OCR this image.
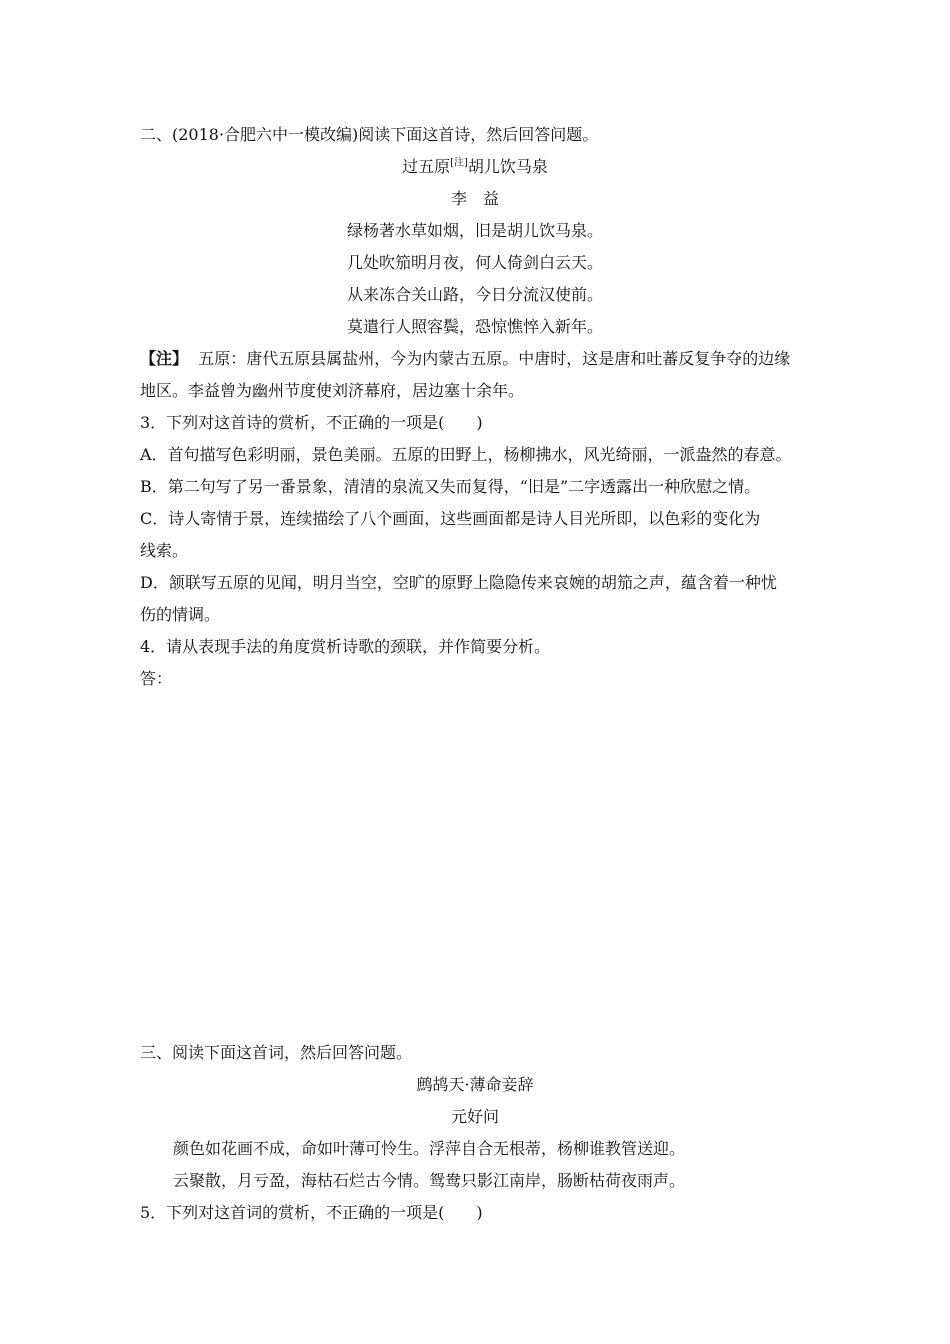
二、(2018·合肥六中一模改编)阅读下面这首诗，然后回答问题。
过五原[注]胡儿饮马泉
李　益
绿杨著水草如烟，旧是胡儿饮马泉。
几处吹笳明月夜，何人倚剑白云天。
从来冻合关山路，今日分流汉使前。
莫遣行人照容鬓，恐惊憔悴入新年。
【注】 五原：唐代五原县属盐州，今为内蒙古五原。中唐时，这是唐和吐蕃反复争夺的边缘
地区。李益曾为幽州节度使刘济幕府，居边塞十余年。
3．下列对这首诗的赏析，不正确的一项是(　　)
A．首句描写色彩明丽，景色美丽。五原的田野上，杨柳拂水，风光绮丽，一派盎然的春意。
B．第二句写了另一番景象，清清的泉流又失而复得，“旧是”二字透露出一种欣慰之情。
C．诗人寄情于景，连续描绘了八个画面，这些画面都是诗人目光所即，以色彩的变化为
线索。
D．颔联写五原的见闻，明月当空，空旷的原野上隐隐传来哀婉的胡笳之声，蕴含着一种忧
伤的情调。
4．请从表现手法的角度赏析诗歌的颈联，并作简要分析。
答：
三、阅读下面这首词，然后回答问题。
鹧鸪天·薄命妾辞
元好问
颜色如花画不成，命如叶薄可怜生。浮萍自合无根蒂，杨柳谁教管送迎。
云聚散，月亏盈，海枯石烂古今情。鸳鸯只影江南岸，肠断枯荷夜雨声。
5．下列对这首词的赏析，不正确的一项是(　　)
